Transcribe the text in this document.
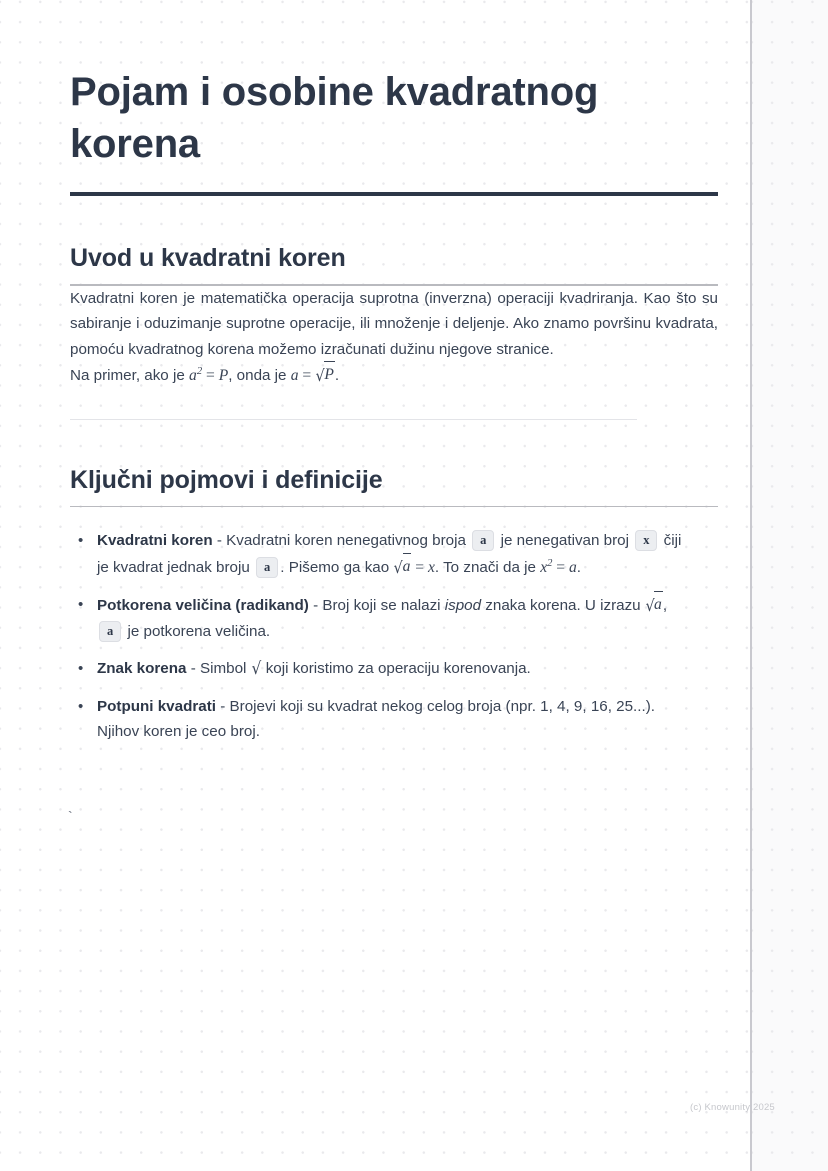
Pojam i osobine kvadratnog korena
Uvod u kvadratni koren

Kvadratni koren je matematička operacija suprotna (inverzna) operaciji kvadriranja. Kao što su sabiranje i oduzimanje suprotne operacije, ili množenje i deljenje. Ako znamo površinu kvadrata, pomoću kvadratnog korena možemo izračunati dužinu njegove stranice.

Na primer, ako je $a^2 = P$, onda je a = √P.

Ključni pojmovi i definicije
• Kvadratni koren - Kvadratni koren nenegativnog broja a je nenegativan broj x čiji je kvadrat jednak broju a . Pišemo ga kao √a = x. To znači da je $x^2 = a$.
• Potkorena veličina (radikand) - Broj koji se nalazi ispod znaka korena. U izrazu √a, a je potkorena veličina.
• Znak korena - Simbol √ koji koristimo za operaciju korenovanja.
• Potpuni kvadrati - Brojevi koji su kvadrat nekog celog broja (npr. 1, 4, 9, 16, 25...). Njihov koren je ceo broj.
`
(c) Knowunity 2025
